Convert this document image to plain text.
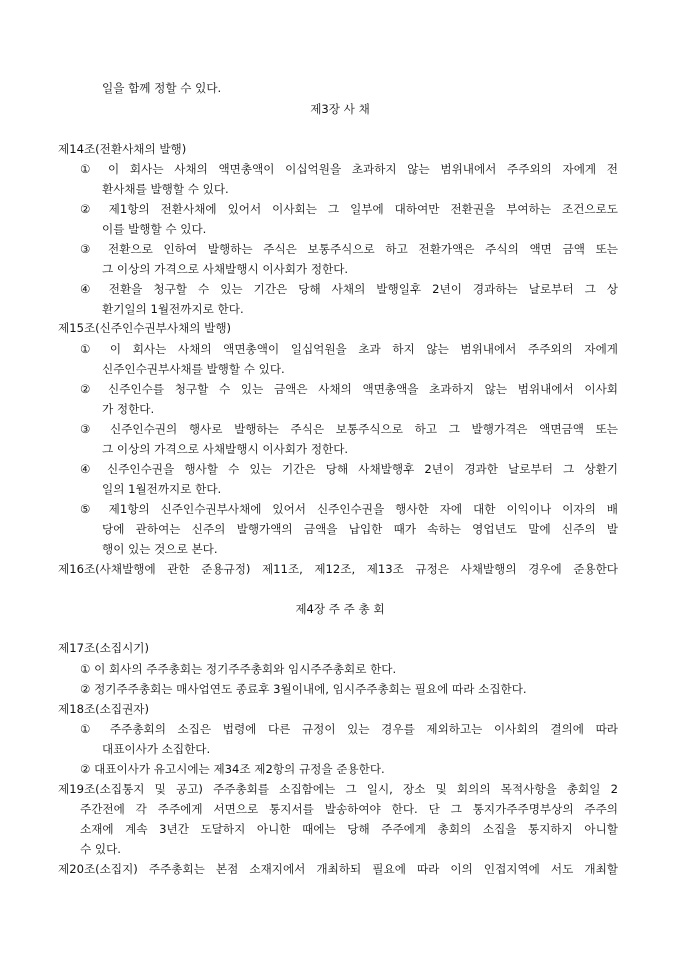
일을 함께 정할 수 있다.
제3장 사 채
제14조(전환사채의 발행)
① 이 회사는 사채의 액면총액이 이십억원을 초과하지 않는 범위내에서 주주외의 자에게 전
환사채를 발행할 수 있다.
② 제1항의 전환사채에 있어서 이사회는 그 일부에 대하여만 전환권을 부여하는 조건으로도
이를 발행할 수 있다.
③ 전환으로 인하여 발행하는 주식은 보통주식으로 하고 전환가액은 주식의 액면 금액 또는
그 이상의 가격으로 사채발행시 이사회가 정한다.
④ 전환을 청구할 수 있는 기간은 당해 사채의 발행일후 2년이 경과하는 날로부터 그 상
환기일의 1월전까지로 한다.
제15조(신주인수권부사채의 발행)
① 이 회사는 사채의 액면총액이 일십억원을 초과 하지 않는 범위내에서 주주외의 자에게
신주인수권부사채를 발행할 수 있다.
② 신주인수를 청구할 수 있는 금액은 사채의 액면총액을 초과하지 않는 범위내에서 이사회
가 정한다.
③ 신주인수권의 행사로 발행하는 주식은 보통주식으로 하고 그 발행가격은 액면금액 또는
그 이상의 가격으로 사채발행시 이사회가 정한다.
④ 신주인수권을 행사할 수 있는 기간은 당해 사채발행후 2년이 경과한 날로부터 그 상환기
일의 1월전까지로 한다.
⑤ 제1항의 신주인수권부사채에 있어서 신주인수권을 행사한 자에 대한 이익이나 이자의 배
당에 관하여는 신주의 발행가액의 금액을 납입한 때가 속하는 영업년도 말에 신주의 발
행이 있는 것으로 본다.
제16조(사채발행에 관한 준용규정) 제11조, 제12조, 제13조 규정은 사채발행의 경우에 준용한다
제4장 주 주 총 회
제17조(소집시기)
① 이 회사의 주주총회는 정기주주총회와 임시주주총회로 한다.
② 정기주주총회는 매사업연도 종료후 3월이내에, 임시주주총회는 필요에 따라 소집한다.
제18조(소집권자)
① 주주총회의 소집은 법령에 다른 규정이 있는 경우를 제외하고는 이사회의 결의에 따라
대표이사가 소집한다.
② 대표이사가 유고시에는 제34조 제2항의 규정을 준용한다.
제19조(소집통지 및 공고) 주주총회를 소집함에는 그 일시, 장소 및 회의의 목적사항을 총회일 2
주간전에 각 주주에게 서면으로 통지서를 발송하여야 한다. 단 그 통지가주주명부상의 주주의
소재에 계속 3년간 도달하지 아니한 때에는 당해 주주에게 총회의 소집을 통지하지 아니할
수 있다.
제20조(소집지) 주주총회는 본점 소재지에서 개최하되 필요에 따라 이의 인접지역에 서도 개최할
